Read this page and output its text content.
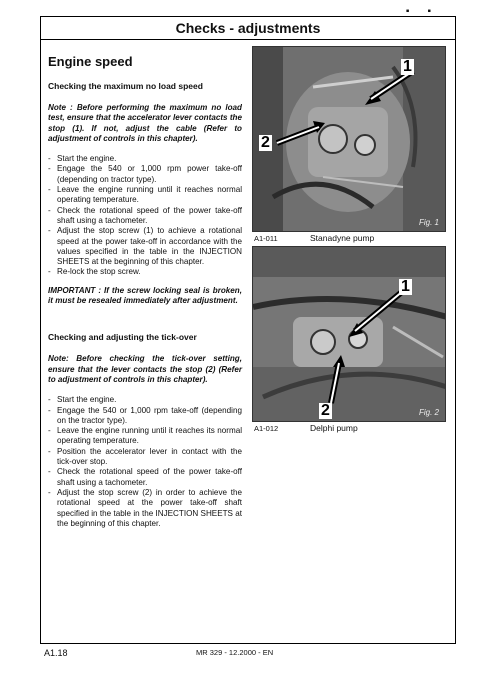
▪▪
Checks - adjustments
Engine speed
Checking the maximum no load speed
Note : Before performing the maximum no load test, ensure that the accelerator lever contacts the stop (1). If not, adjust the cable (Refer to adjustment of controls in this chapter).
- Start the engine.
- Engage the 540 or 1,000 rpm power take-off (depending on tractor type).
- Leave the engine running until it reaches normal operating temperature.
- Check the rotational speed of the power take-off shaft using a tachometer.
- Adjust the stop screw (1) to achieve a rotational speed at the power take-off in accordance with the values specified in the table in the INJECTION SHEETS at the beginning of this chapter.
- Re-lock the stop screw.
IMPORTANT : If the screw locking seal is broken, it must be resealed immediately after adjustment.
Checking and adjusting the tick-over
Note: Before checking the tick-over setting, ensure that the lever contacts the stop (2) (Refer to adjustment of controls in this chapter).
- Start the engine.
- Engage the 540 or 1,000 rpm take-off (depending on the tractor type).
- Leave the engine running until it reaches its normal operating temperature.
- Position the accelerator lever in contact with the tick-over stop.
- Check the rotational speed of the power take-off shaft using a tachometer.
- Adjust the stop screw (2) in order to achieve the rotational speed at the power take-off shaft specified in the table in the INJECTION SHEETS at the beginning of this chapter.
1
2
Fig. 1
A1-011	Stanadyne pump
1
2	Fig. 2
A1-012	Delphi pump
A1.18	MR 329 - 12.2000 - EN
